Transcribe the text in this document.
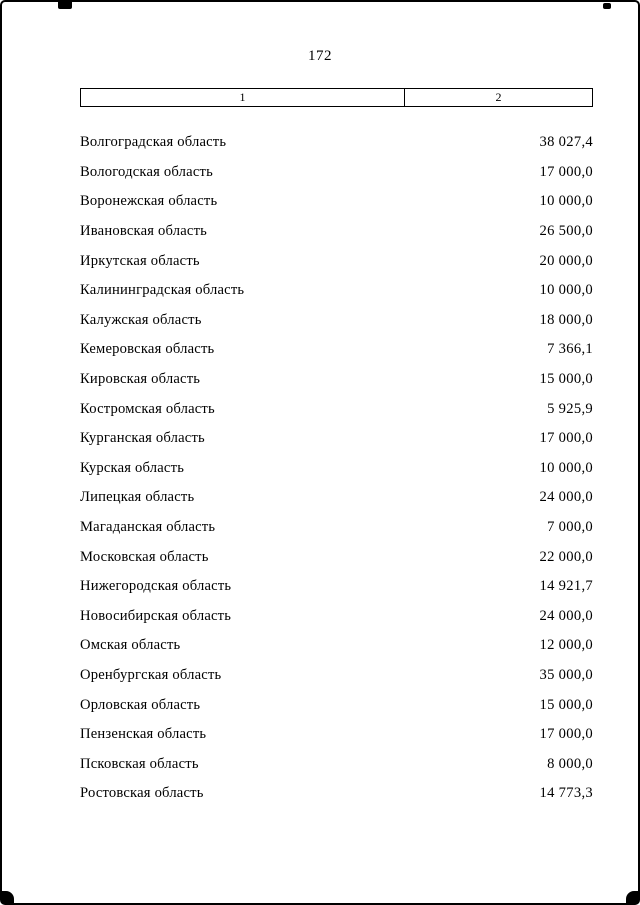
172
1	2
Волгоградская область	38 027,4
Вологодская область	17 000,0
Воронежская область	10 000,0
Ивановская область	26 500,0
Иркутская область	20 000,0
Калининградская область	10 000,0
Калужская область	18 000,0
Кемеровская область	7 366,1
Кировская область	15 000,0
Костромская область	5 925,9
Курганская область	17 000,0
Курская область	10 000,0
Липецкая область	24 000,0
Магаданская область	7 000,0
Московская область	22 000,0
Нижегородская область	14 921,7
Новосибирская область	24 000,0
Омская область	12 000,0
Оренбургская область	35 000,0
Орловская область	15 000,0
Пензенская область	17 000,0
Псковская область	8 000,0
Ростовская область	14 773,3
